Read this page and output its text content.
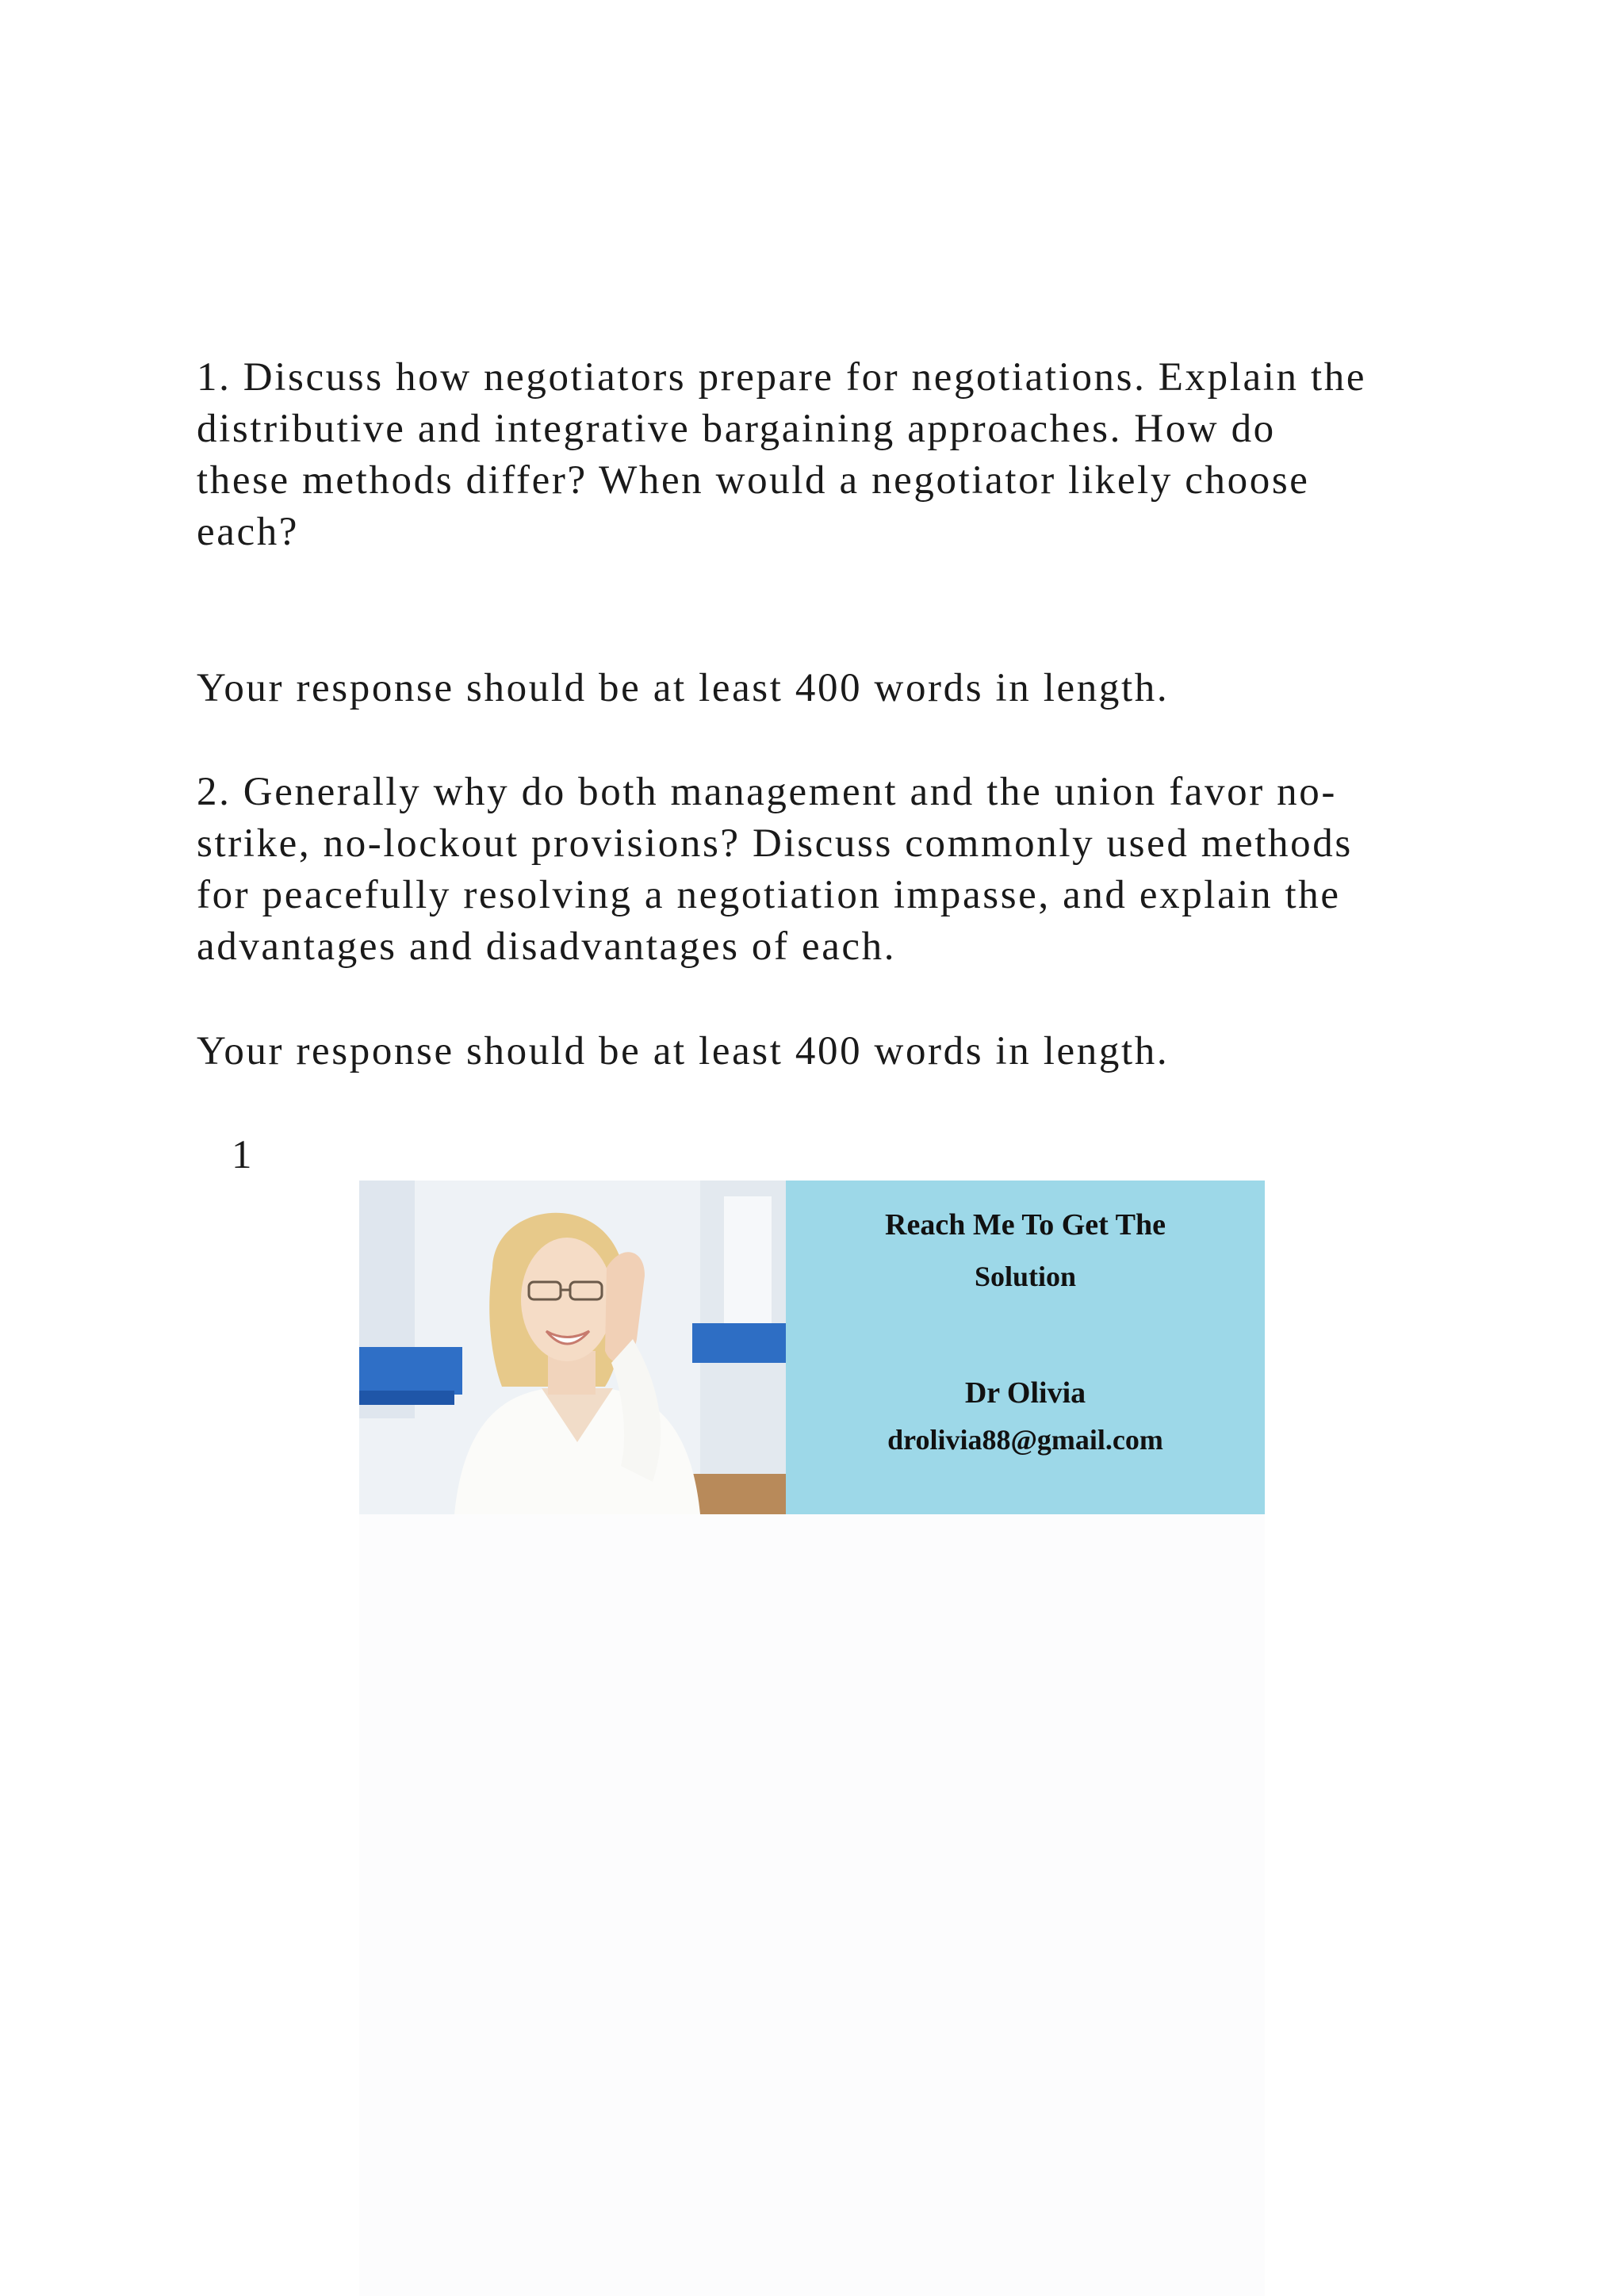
1. Discuss how negotiators prepare for negotiations. Explain the
distributive and integrative bargaining approaches. How do
these methods differ? When would a negotiator likely choose
each?

Your response should be at least 400 words in length.

2. Generally why do both management and the union favor no-
strike, no-lockout provisions? Discuss commonly used methods
for peacefully resolving a negotiation impasse, and explain the
advantages and disadvantages of each.

Your response should be at least 400 words in length.

1
Reach Me To Get The
Solution
Dr Olivia
drolivia88@gmail.com
